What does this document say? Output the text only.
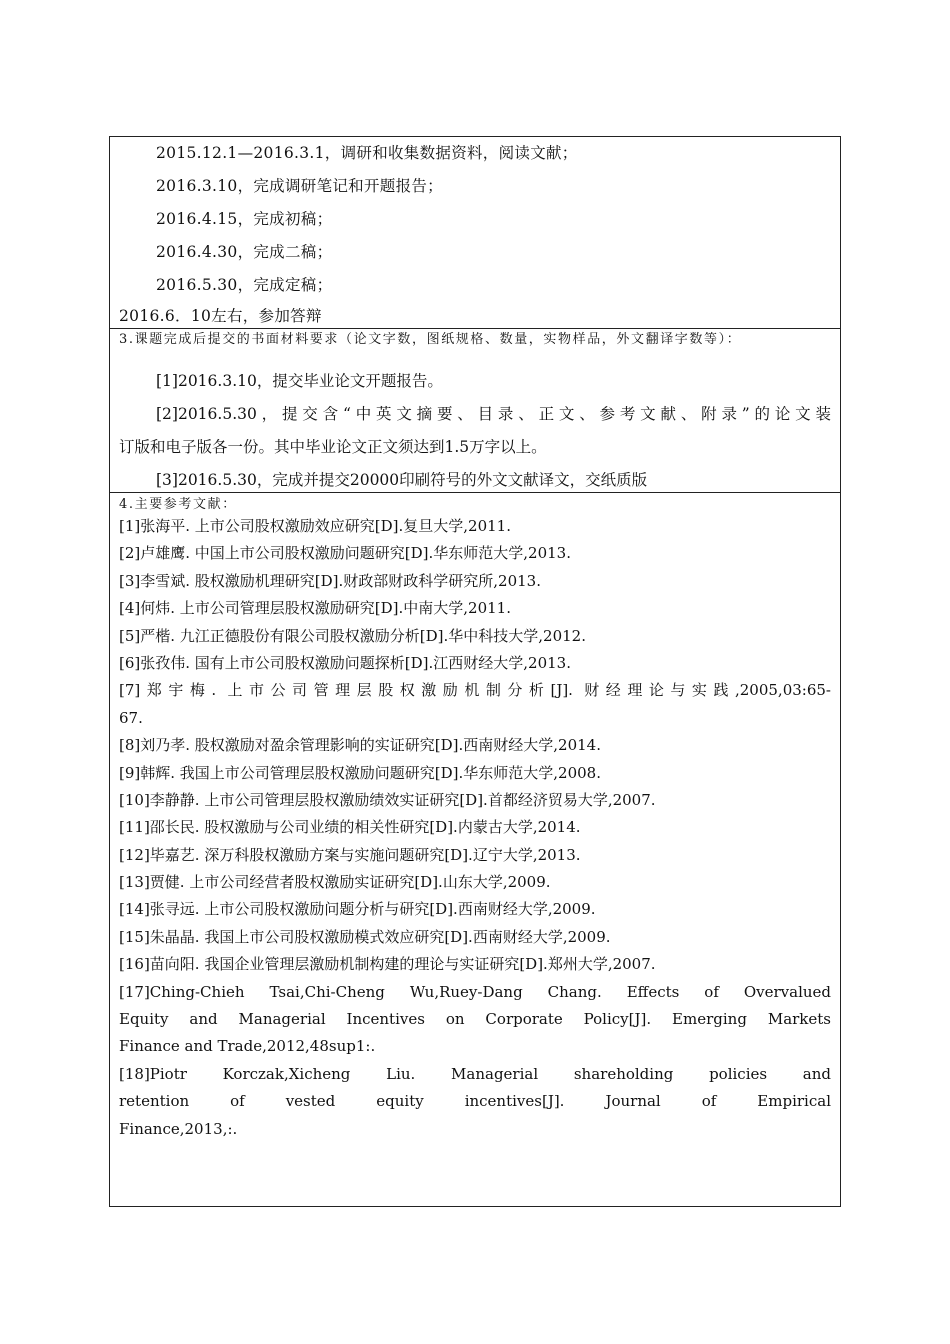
2015.12.1—2016.3.1，调研和收集数据资料，阅读文献；
2016.3.10，完成调研笔记和开题报告；
2016.4.15，完成初稿；
2016.4.30，完成二稿；
2016.5.30，完成定稿；
2016.6．10左右，参加答辩
3.课题完成后提交的书面材料要求（论文字数，图纸规格、数量，实物样品，外文翻译字数等）：
[1]2016.3.10，提交毕业论文开题报告。
[2]2016.5.30，提交含“中英文摘要、目录、正文、参考文献、附录”的论文装
订版和电子版各一份。其中毕业论文正文须达到1.5万字以上。
[3]2016.5.30，完成并提交20000印刷符号的外文文献译文，交纸质版
4.主要参考文献：
[1]张海平. 上市公司股权激励效应研究[D].复旦大学,2011.
[2]卢雄鹰. 中国上市公司股权激励问题研究[D].华东师范大学,2013.
[3]李雪斌. 股权激励机理研究[D].财政部财政科学研究所,2013.
[4]何炜. 上市公司管理层股权激励研究[D].中南大学,2011.
[5]严楷. 九江正德股份有限公司股权激励分析[D].华中科技大学,2012.
[6]张孜伟. 国有上市公司股权激励问题探析[D].江西财经大学,2013.
[7]郑宇梅. 上市公司管理层股权激励机制分析[J]. 财经理论与实践,2005,03:65-
67.
[8]刘乃孝. 股权激励对盈余管理影响的实证研究[D].西南财经大学,2014.
[9]韩辉. 我国上市公司管理层股权激励问题研究[D].华东师范大学,2008.
[10]李静静. 上市公司管理层股权激励绩效实证研究[D].首都经济贸易大学,2007.
[11]邵长民. 股权激励与公司业绩的相关性研究[D].内蒙古大学,2014.
[12]毕嘉艺. 深万科股权激励方案与实施问题研究[D].辽宁大学,2013.
[13]贾健. 上市公司经营者股权激励实证研究[D].山东大学,2009.
[14]张寻远. 上市公司股权激励问题分析与研究[D].西南财经大学,2009.
[15]朱晶晶. 我国上市公司股权激励模式效应研究[D].西南财经大学,2009.
[16]苗向阳. 我国企业管理层激励机制构建的理论与实证研究[D].郑州大学,2007.
[17]Ching-Chieh Tsai,Chi-Cheng Wu,Ruey-Dang Chang. Effects of Overvalued
Equity and Managerial Incentives on Corporate Policy[J]. Emerging Markets
Finance and Trade,2012,48sup1:.
[18]Piotr Korczak,Xicheng Liu. Managerial shareholding policies and
retention of vested equity incentives[J]. Journal of Empirical
Finance,2013,:.
